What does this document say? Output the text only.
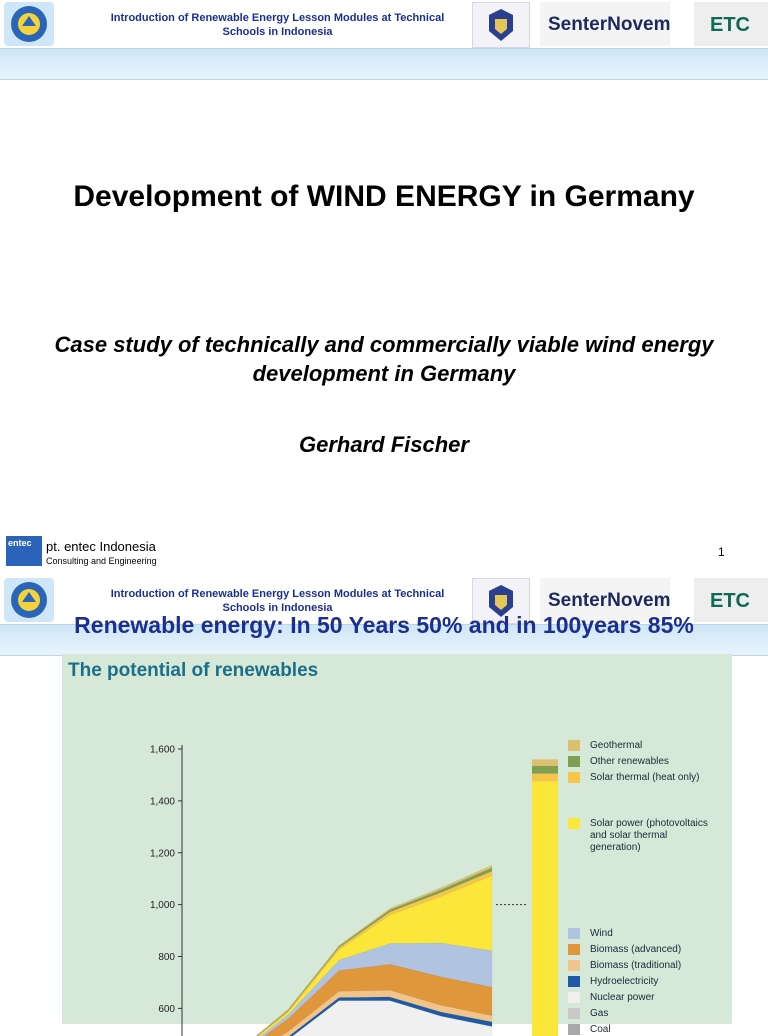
Introduction of Renewable Energy Lesson Modules at Technical Schools in Indonesia	SenterNovem ETC
Development of WIND ENERGY in Germany
Case study of technically and commercially viable wind energy development in Germany
Gerhard Fischer
entec pt. entec Indonesia
Consulting and Engineering
1
Introduction of Renewable Energy Lesson Modules at Technical Schools in Indonesia	SenterNovem ETC
Renewable energy: In 50 Years 50% and in 100years 85%
The potential of renewables
600
800
1,000
1,200
1,400
1,600	Geothermal
Other renewables
Solar thermal (heat only)
Solar power (photovoltaics and solar thermal generation)
Wind
Biomass (advanced)
Biomass (traditional)
Hydroelectricity
Nuclear power
Gas
Coal
